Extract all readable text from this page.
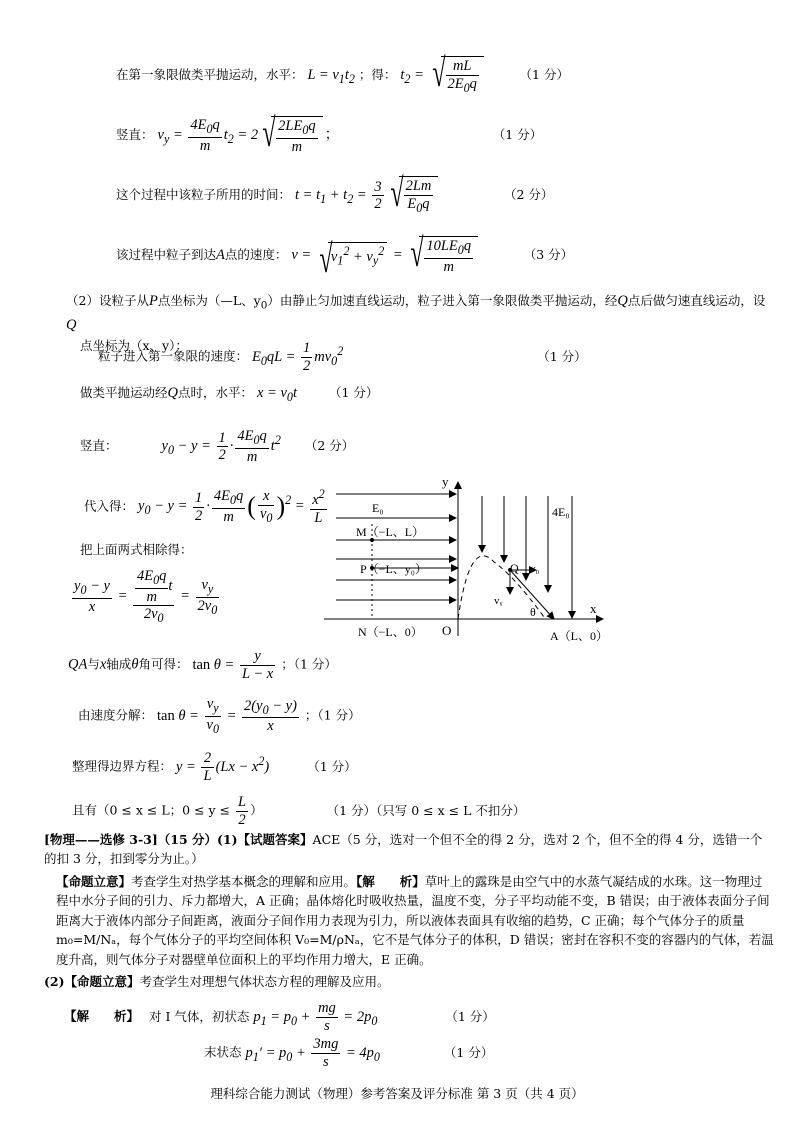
在第一象限做类平抛运动，水平： $L = v_1t_2$ ；得： $t_2$ = √ $\frac{mL}{2E_0q}$	（1 分）
竖直： $v_y = \frac{4E_0q}{m} t_2 = 2$ √ $\frac{2LE_0q}{m}$ ；	（1 分）
这个过程中该粒子所用的时间： $t = t_1 + t_2 = \frac{3}{2}$ √ $\frac{2Lm}{E_0q}$	（2 分）
该过程中粒子到达A点的速度： v = √ $v_1^2 + v_y^2$ = √ $\frac{10LE_0q}{m}$	（3 分）
（2）设粒子从P点坐标为（—L、$y_0$）由静止匀加速直线运动，粒子进入第一象限做类平抛运动，经Q点后做匀速直线运动，设Q
点坐标为（x、y）：
粒子进入第一象限的速度： $E_0qL = \frac{1}{2} mv_0^2$	（1 分）
做类平抛运动经Q点时，水平： $x = v_0t$	（1 分）
竖直：	$y_0 - y = \frac{1}{2} \cdot \frac{4E_0q}{m} t^2$ （2 分）
代入得： $y_0 - y = \frac{1}{2} \cdot \frac{4E_0q}{m}$ ( $\frac{x}{v_0} )^2 = \frac{x^2}{L}$
把上面两式相除得：
$\frac{y_0 - y}{x} = \frac{\frac{4E_0q}{m} t}{2v_0} = \frac{v_y}{2v_0}$
QA与x轴成θ角可得： $\tan \theta = \frac{y}{L - x}$ ；（1 分）
由速度分解： $\tan \theta = \frac{v_y}{v_0} = \frac{2(y_0 - y)}{x}$ ；（1 分）
整理得边界方程： $y = \frac{2}{L} (Lx - x^2)$	（1 分）
且有（0 ≤ x ≤ L；$0 \le y \le \frac{L}{2}$ ）	（1 分）（只写 0 ≤ x ≤ L 不扣分）
[物理——选修 3-3]（15 分）(1)【试题答案】ACE（5 分，选对一个但不全的得 2 分，选对 2 个，但不全的得 4 分，选错一个的扣 3 分，扣到零分为止。）
【命题立意】考查学生对热学基本概念的理解和应用。【解　　析】草叶上的露珠是由空气中的水蒸气凝结成的水珠。这一物理过程中水分子间的引力、斥力都增大，A 正确；晶体熔化时吸收热量，温度不变，分子平均动能不变，B 错误；由于液体表面分子间距离大于液体内部分子间距离，液面分子间作用力表现为引力，所以液体表面具有收缩的趋势，C 正确；每个气体分子的质量 m₀=M/Nₐ，每个气体分子的平均空间体积 V₀=M/ρNₐ，它不是气体分子的体积，D 错误；密封在容积不变的容器内的气体，若温度升高，则气体分子对器壁单位面积上的平均作用力增大，E 正确。
(2)【命题立意】考查学生对理想气体状态方程的理解及应用。
【解　　析】 对 I 气体，初状态 $p_1 = p_0 + \frac{mg}{s} = 2p_0$	（1 分）
末状态 $p_1' = p_0 + \frac{3mg}{s} = 4p_0$	（1 分）
理科综合能力测试（物理）参考答案及评分标准 第 3 页（共 4 页）
y
x
O
E₀	4E₀
M（−L、L）
P（−L、y₀）
N（−L、0）
Q v₀
vᵧ
θ
A（L、0）
